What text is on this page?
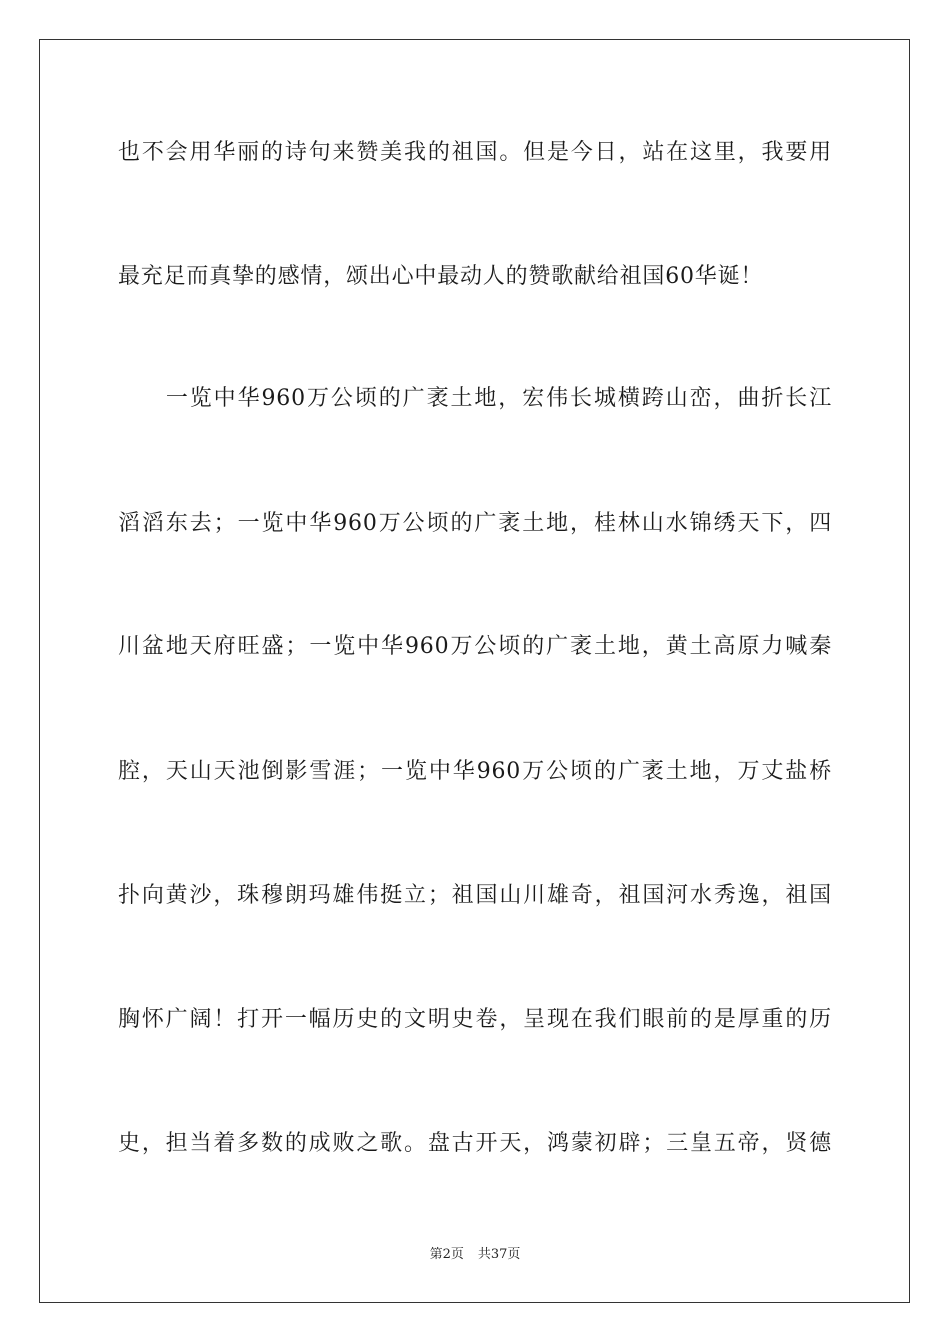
也不会用华丽的诗句来赞美我的祖国。但是今日，站在这里，我要用
最充足而真挚的感情，颂出心中最动人的赞歌献给祖国60华诞！
　　一览中华960万公顷的广袤土地，宏伟长城横跨山峦，曲折长江
滔滔东去；一览中华960万公顷的广袤土地，桂林山水锦绣天下，四
川盆地天府旺盛；一览中华960万公顷的广袤土地，黄土高原力喊秦
腔，天山天池倒影雪涯；一览中华960万公顷的广袤土地，万丈盐桥
扑向黄沙，珠穆朗玛雄伟挺立；祖国山川雄奇，祖国河水秀逸，祖国
胸怀广阔！打开一幅历史的文明史卷，呈现在我们眼前的是厚重的历
史，担当着多数的成败之歌。盘古开天，鸿蒙初辟；三皇五帝，贤德
第2页 共37页
